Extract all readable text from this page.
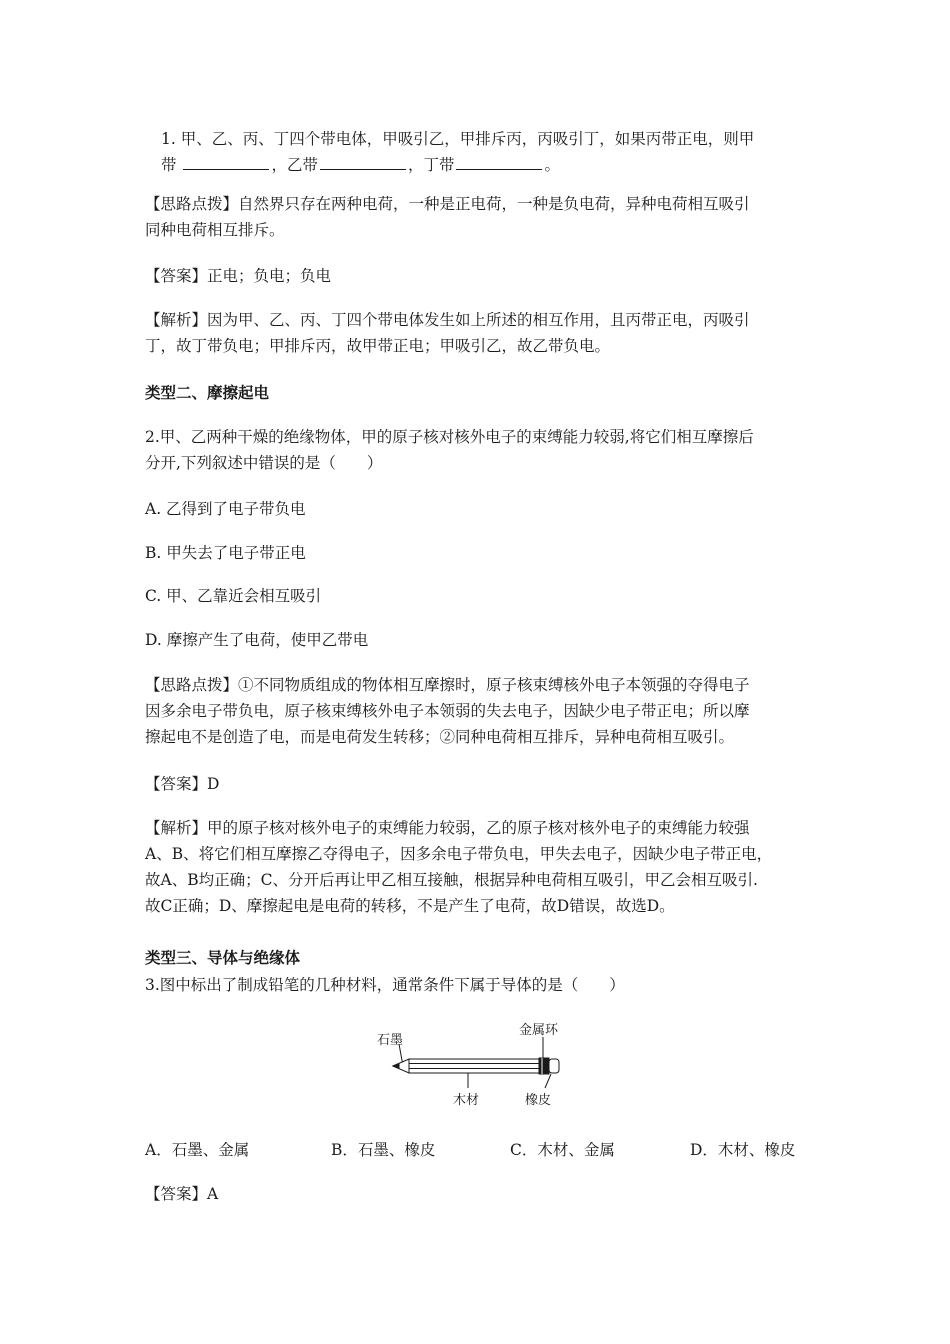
1. 甲、乙、丙、丁四个带电体，甲吸引乙，甲排斥丙，丙吸引丁，如果丙带正电，则甲
带	，乙带	，丁带	。

【思路点拨】自然界只存在两种电荷，一种是正电荷，一种是负电荷，异种电荷相互吸引
同种电荷相互排斥。

【答案】正电；负电；负电

【解析】因为甲、乙、丙、丁四个带电体发生如上所述的相互作用，且丙带正电，丙吸引
丁，故丁带负电；甲排斥丙，故甲带正电；甲吸引乙，故乙带负电。

类型二、摩擦起电

2.甲、乙两种干燥的绝缘物体，甲的原子核对核外电子的束缚能力较弱,将它们相互摩擦后
分开,下列叙述中错误的是（　　）

A. 乙得到了电子带负电

B. 甲失去了电子带正电

C. 甲、乙靠近会相互吸引

D. 摩擦产生了电荷，使甲乙带电

【思路点拨】①不同物质组成的物体相互摩擦时，原子核束缚核外电子本领强的夺得电子
因多余电子带负电，原子核束缚核外电子本领弱的失去电子，因缺少电子带正电；所以摩
擦起电不是创造了电，而是电荷发生转移；②同种电荷相互排斥，异种电荷相互吸引。

【答案】D

【解析】甲的原子核对核外电子的束缚能力较弱，乙的原子核对核外电子的束缚能力较强
A、B、将它们相互摩擦乙夺得电子，因多余电子带负电，甲失去电子，因缺少电子带正电，
故A、B均正确；C、分开后再让甲乙相互接触，根据异种电荷相互吸引，甲乙会相互吸引.
故C正确；D、摩擦起电是电荷的转移，不是产生了电荷，故D错误，故选D。

类型三、导体与绝缘体

3.图中标出了制成铅笔的几种材料，通常条件下属于导体的是（　　）

石墨
金属环
木材	橡皮
A．石墨、金属	B．石墨、橡皮	C．木材、金属	D．木材、橡皮

【答案】A
